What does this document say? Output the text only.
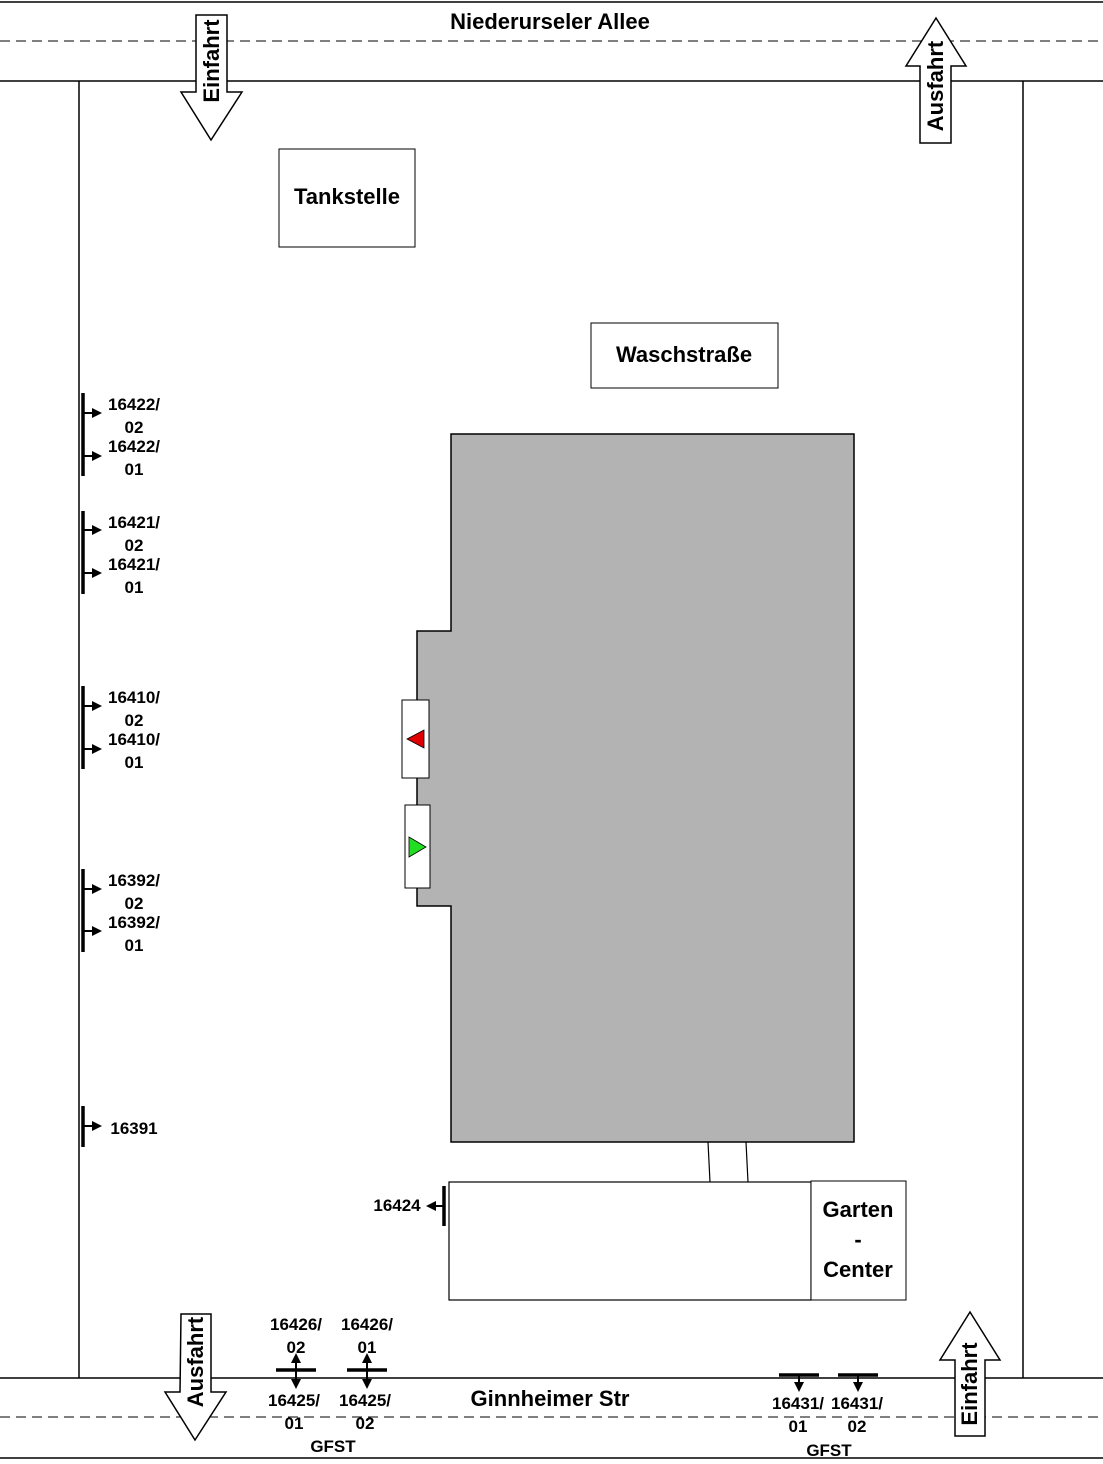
Niederurseler Allee
Ginnheimer Str
Einfahrt	Ausfahrt
Ausfahrt	Einfahrt
Tankstelle
Waschstraße
Garten
-
Center
16422/
02
16422/
01
16421/
02
16421/
01
16410/
02
16410/
01
16392/
02
16392/
01
16391
16424
16426/
02
16426/
01
16425/
01
16425/
02
GFST
16431/
01
16431/
02
GFST
